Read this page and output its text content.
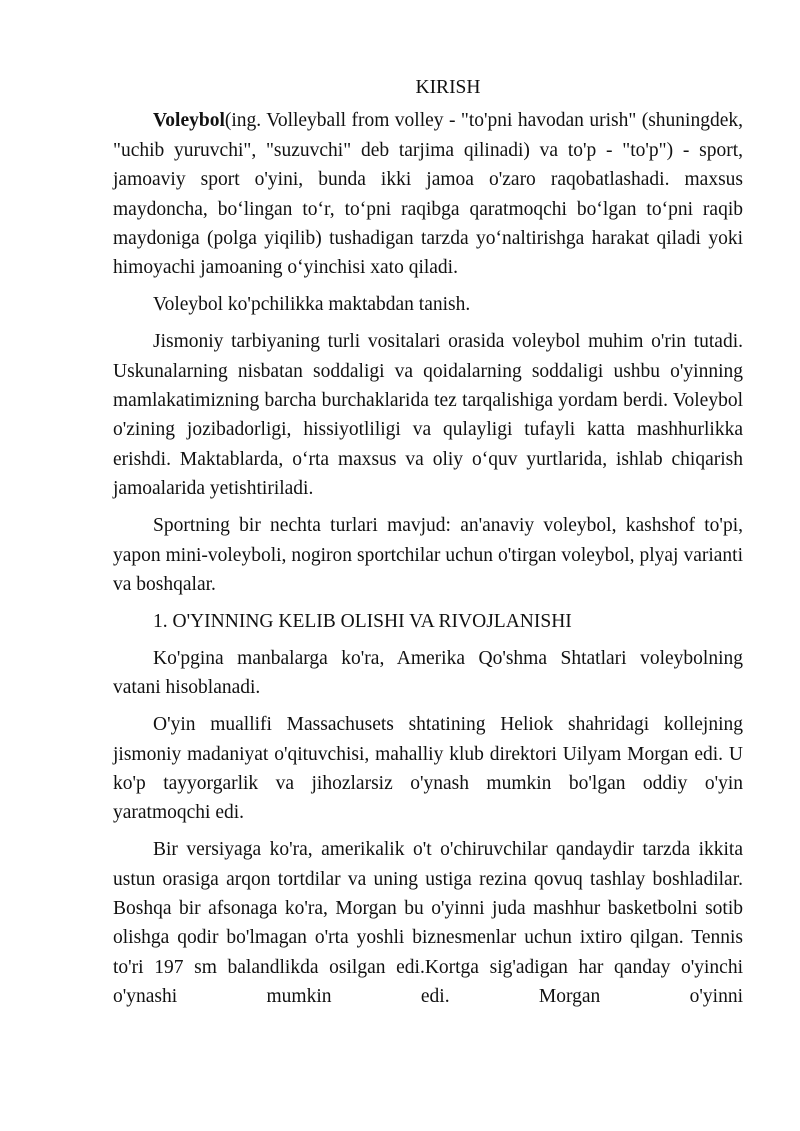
KIRISH

Voleybol(ing. Volleyball from volley - "to'pni havodan urish" (shuningdek, "uchib yuruvchi", "suzuvchi" deb tarjima qilinadi) va to'p - "to'p") - sport, jamoaviy sport o'yini, bunda ikki jamoa o'zaro raqobatlashadi. maxsus maydoncha, bo‘lingan to‘r, to‘pni raqibga qaratmoqchi bo‘lgan to‘pni raqib maydoniga (polga yiqilib) tushadigan tarzda yo‘naltirishga harakat qiladi yoki himoyachi jamoaning o‘yinchisi xato qiladi.

Voleybol ko'pchilikka maktabdan tanish.

Jismoniy tarbiyaning turli vositalari orasida voleybol muhim o'rin tutadi. Uskunalarning nisbatan soddaligi va qoidalarning soddaligi ushbu o'yinning mamlakatimizning barcha burchaklarida tez tarqalishiga yordam berdi. Voleybol o'zining jozibadorligi, hissiyotliligi va qulayligi tufayli katta mashhurlikka erishdi. Maktablarda, o‘rta maxsus va oliy o‘quv yurtlarida, ishlab chiqarish jamoalarida yetishtiriladi.

Sportning bir nechta turlari mavjud: an'anaviy voleybol, kashshof to'pi, yapon mini-voleyboli, nogiron sportchilar uchun o'tirgan voleybol, plyaj varianti va boshqalar.

1. O'YINNING KELIB OLISHI VA RIVOJLANISHI

Ko'pgina manbalarga ko'ra, Amerika Qo'shma Shtatlari voleybolning vatani hisoblanadi.

O'yin muallifi Massachusets shtatining Heliok shahridagi kollejning jismoniy madaniyat o'qituvchisi, mahalliy klub direktori Uilyam Morgan edi. U ko'p tayyorgarlik va jihozlarsiz o'ynash mumkin bo'lgan oddiy o'yin yaratmoqchi edi.

Bir versiyaga ko'ra, amerikalik o't o'chiruvchilar qandaydir tarzda ikkita ustun orasiga arqon tortdilar va uning ustiga rezina qovuq tashlay boshladilar. Boshqa bir afsonaga ko'ra, Morgan bu o'yinni juda mashhur basketbolni sotib olishga qodir bo'lmagan o'rta yoshli biznesmenlar uchun ixtiro qilgan. Tennis to'ri 197 sm balandlikda osilgan edi.Kortga sig'adigan har qanday o'yinchi o'ynashi mumkin edi. Morgan o'yinni
